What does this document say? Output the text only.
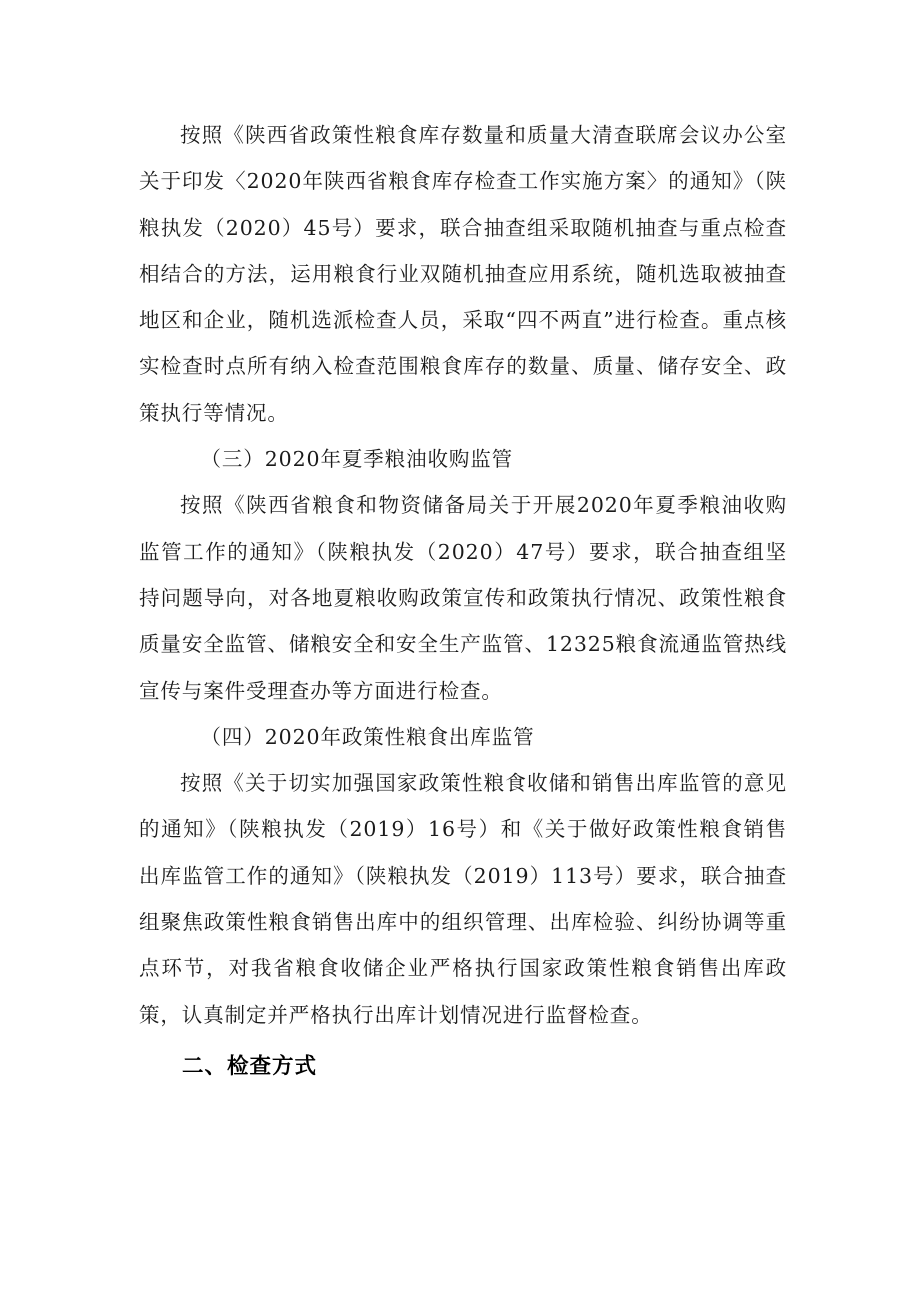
按照《陕西省政策性粮食库存数量和质量大清查联席会议办公室关于印发〈2020年陕西省粮食库存检查工作实施方案〉的通知》（陕粮执发（2020）45号）要求，联合抽查组采取随机抽查与重点检查相结合的方法，运用粮食行业双随机抽查应用系统，随机选取被抽查地区和企业，随机选派检查人员，采取“四不两直”进行检查。重点核实检查时点所有纳入检查范围粮食库存的数量、质量、储存安全、政策执行等情况。

（三）2020年夏季粮油收购监管

按照《陕西省粮食和物资储备局关于开展2020年夏季粮油收购监管工作的通知》（陕粮执发（2020）47号）要求，联合抽查组坚持问题导向，对各地夏粮收购政策宣传和政策执行情况、政策性粮食质量安全监管、储粮安全和安全生产监管、12325粮食流通监管热线宣传与案件受理查办等方面进行检查。

（四）2020年政策性粮食出库监管

按照《关于切实加强国家政策性粮食收储和销售出库监管的意见的通知》（陕粮执发（2019）16号）和《关于做好政策性粮食销售出库监管工作的通知》（陕粮执发（2019）113号）要求，联合抽查组聚焦政策性粮食销售出库中的组织管理、出库检验、纠纷协调等重点环节，对我省粮食收储企业严格执行国家政策性粮食销售出库政策，认真制定并严格执行出库计划情况进行监督检查。

二、检查方式
